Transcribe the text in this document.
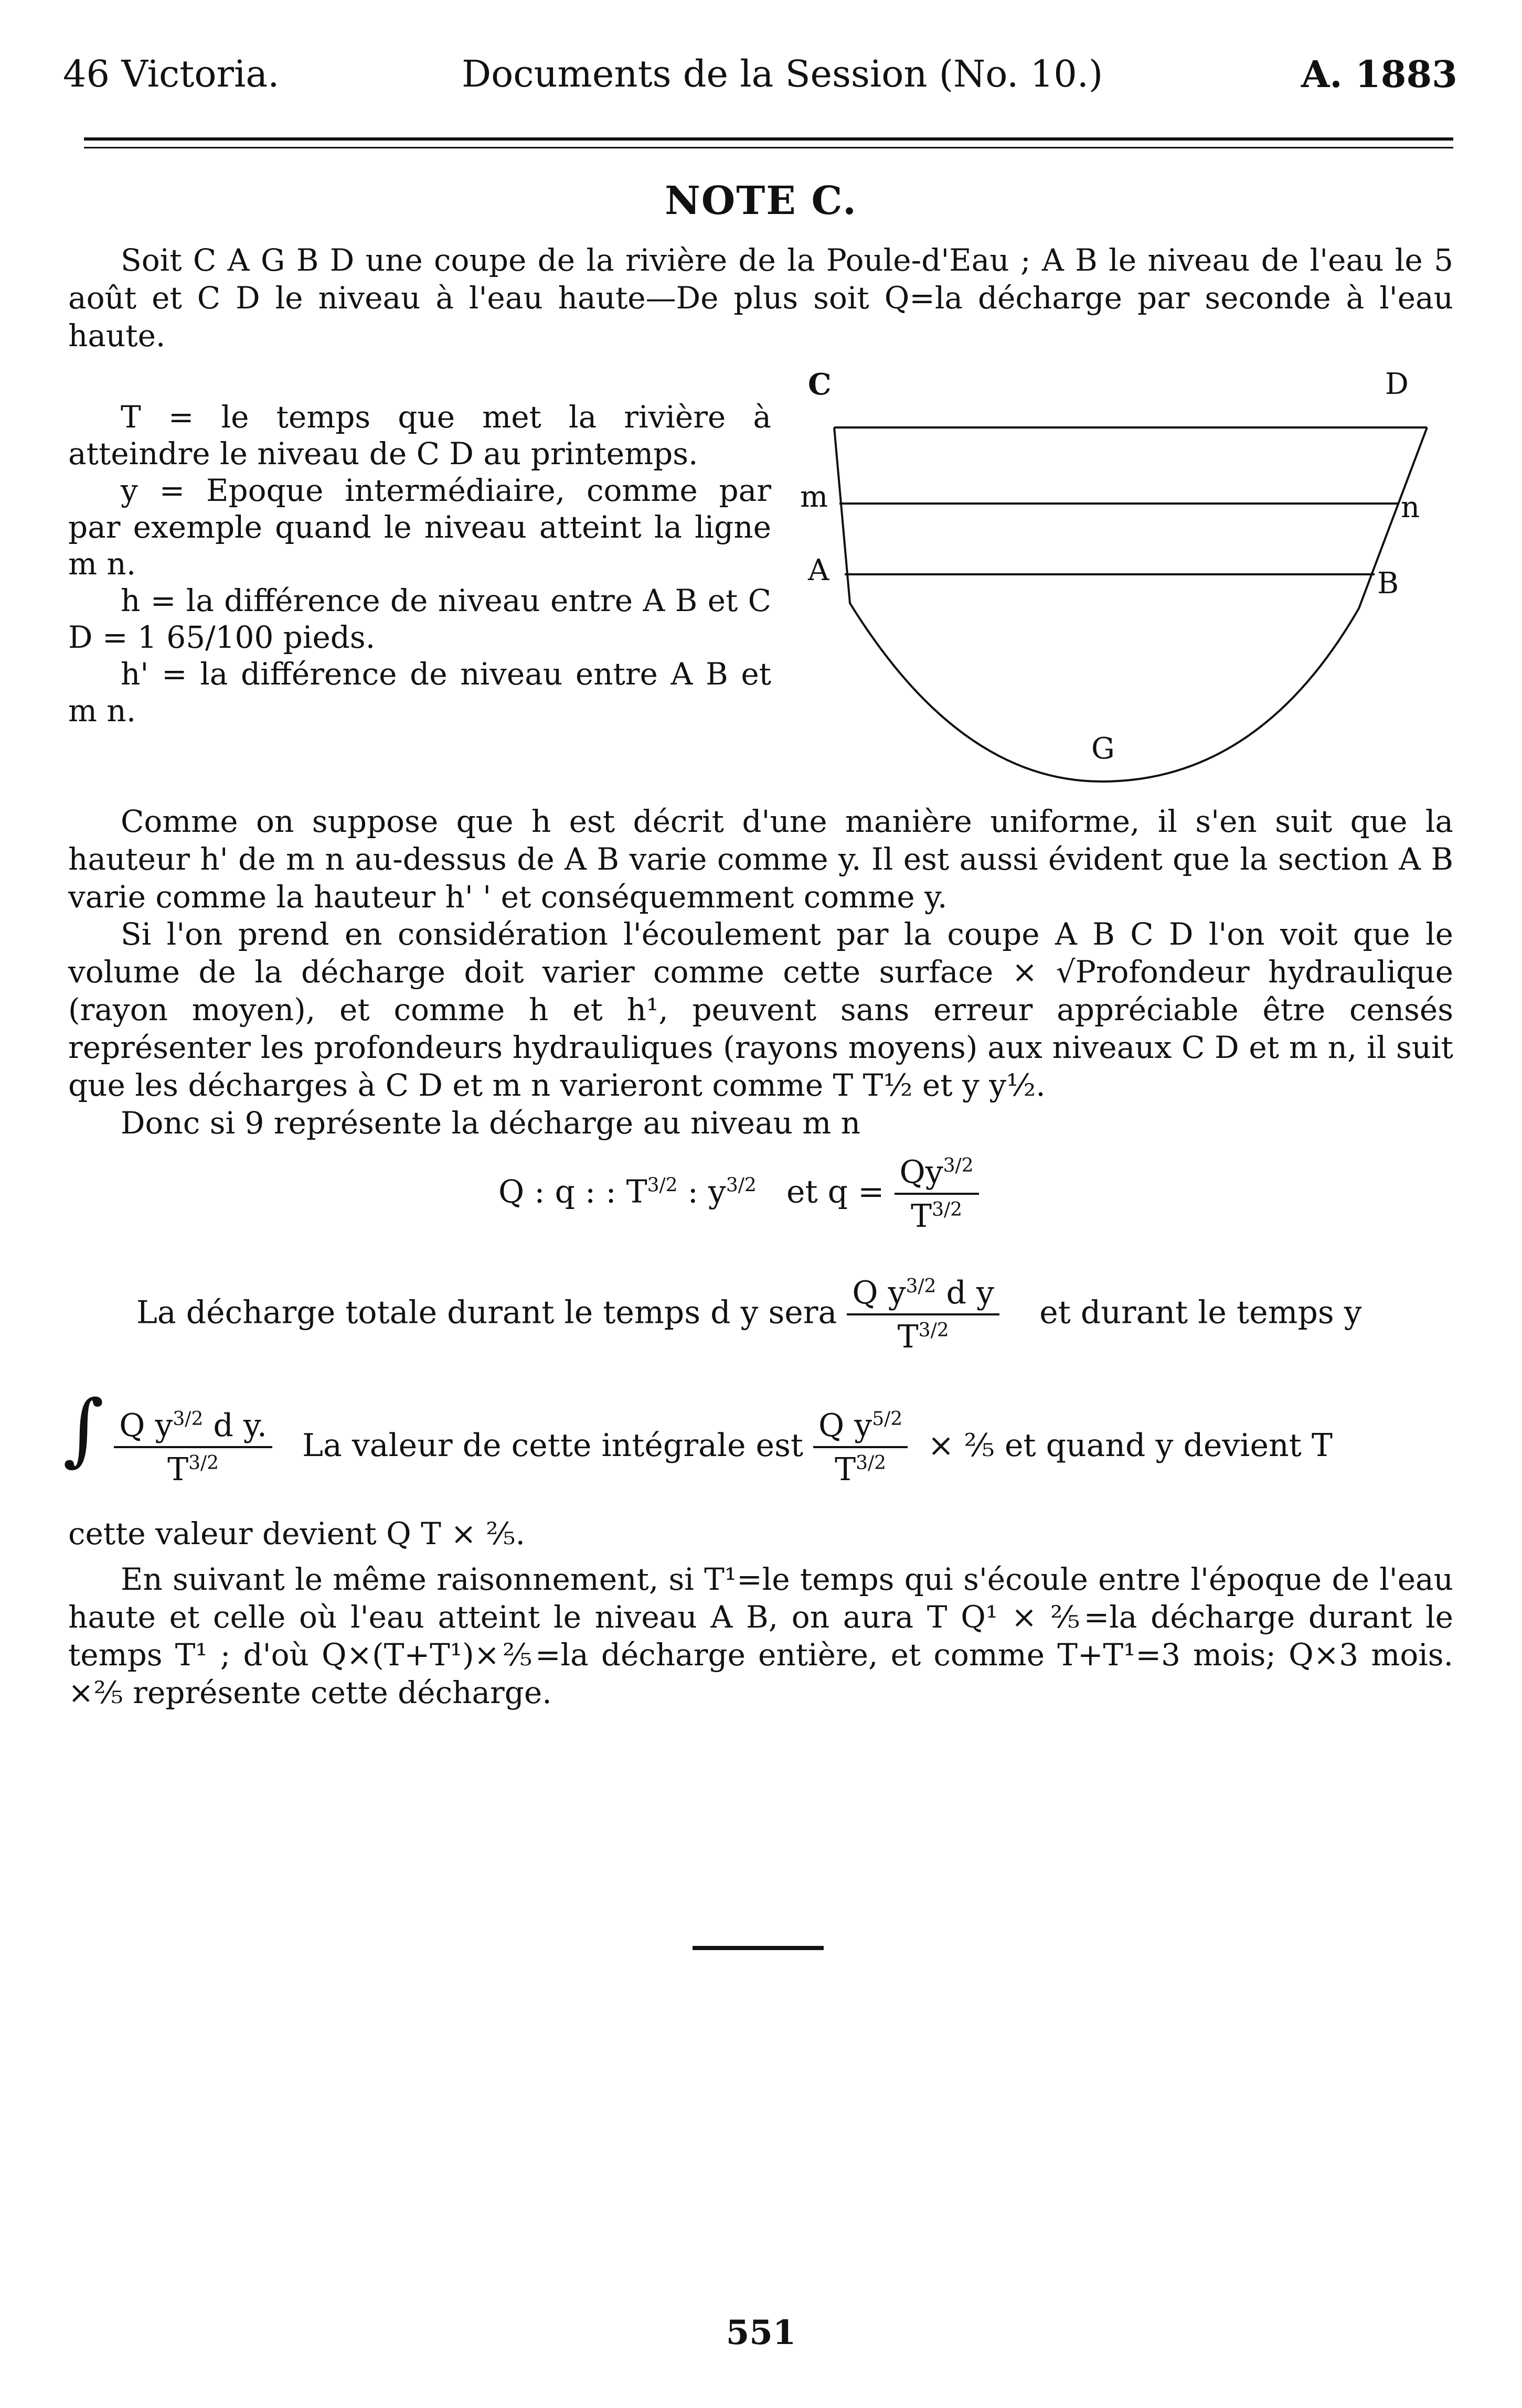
46 Victoria.	Documents de la Session (No. 10.)	A. 1883
NOTE C.
Soit C A G B D une coupe de la rivière de la Poule-d'Eau ; A B le niveau de l'eau le 5 août et C D le niveau à l'eau haute—De plus soit Q=la décharge par seconde à l'eau haute.

T = le temps que met la rivière à atteindre le niveau de C D au printemps.

y = Epoque intermédiaire, comme par par exemple quand le niveau atteint la ligne m n.

h = la différence de niveau entre A B et C D = 1 65/100 pieds.

h' = la différence de niveau entre A B et m n.

C	D
m	n
A	B
G
Comme on suppose que h est décrit d'une manière uniforme, il s'en suit que la hauteur h' de m n au-dessus de A B varie comme y. Il est aussi évident que la section A B varie comme la hauteur h' ' et conséquemment comme y.
Si l'on prend en considération l'écoulement par la coupe A B C D l'on voit que le volume de la décharge doit varier comme cette surface × √Profondeur hydraulique (rayon moyen), et comme h et h¹, peuvent sans erreur appréciable être censés représenter les profondeurs hydrauliques (rayons moyens) aux niveaux C D et m n, il suit que les décharges à C D et m n varieront comme T T½ et y y½.
Donc si 9 représente la décharge au niveau m n
Q : q : : $T^{3/2}$ : $y^{3/2}$ et $q = \frac{Qy^{3/2}}{T^{3/2}}$
La décharge totale durant le temps d y sera $\frac{Q y^{3/2} d y}{T^{3/2}}$ et durant le temps y
∫ $\frac{Q y^{3/2} d y.}{T^{3/2}}$ La valeur de cette intégrale est $\frac{Q y^{5/2}}{T^{3/2}}$ × ⅖ et quand y devient T
cette valeur devient Q T × ⅖.
En suivant le même raisonnement, si T¹=le temps qui s'écoule entre l'époque de l'eau haute et celle où l'eau atteint le niveau A B, on aura T Q¹ × ⅖=la décharge durant le temps T¹ ; d'où Q×(T+T¹)×⅖=la décharge entière, et comme T+T¹=3 mois; Q×3 mois. ×⅖ représente cette décharge.
551
